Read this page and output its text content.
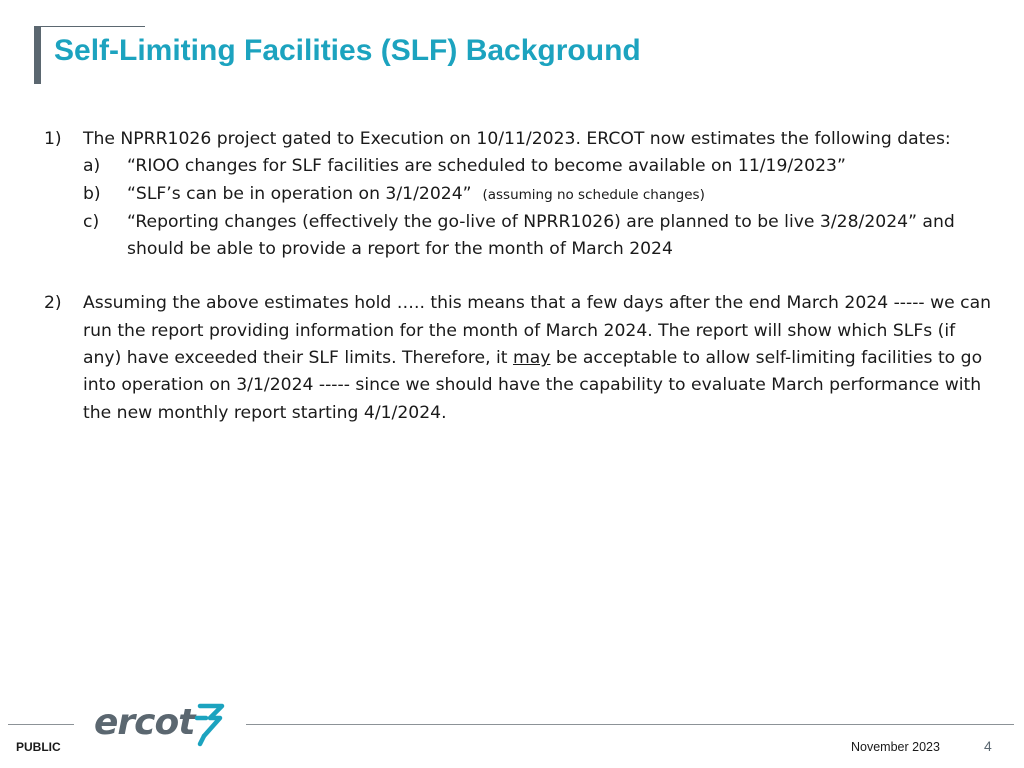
Self-Limiting Facilities (SLF) Background
1) The NPRR1026 project gated to Execution on 10/11/2023. ERCOT now estimates the following dates:
a) “RIOO changes for SLF facilities are scheduled to become available on 11/19/2023”
b) “SLF’s can be in operation on 3/1/2024” (assuming no schedule changes)
c) “Reporting changes (effectively the go-live of NPRR1026) are planned to be live 3/28/2024” and should be able to provide a report for the month of March 2024
2) Assuming the above estimates hold ….. this means that a few days after the end March 2024 ----- we can run the report providing information for the month of March 2024. The report will show which SLFs (if any) have exceeded their SLF limits. Therefore, it may be acceptable to allow self-limiting facilities to go into operation on 3/1/2024 ----- since we should have the capability to evaluate March performance with the new monthly report starting 4/1/2024.
ercot
PUBLIC	November 2023	4
